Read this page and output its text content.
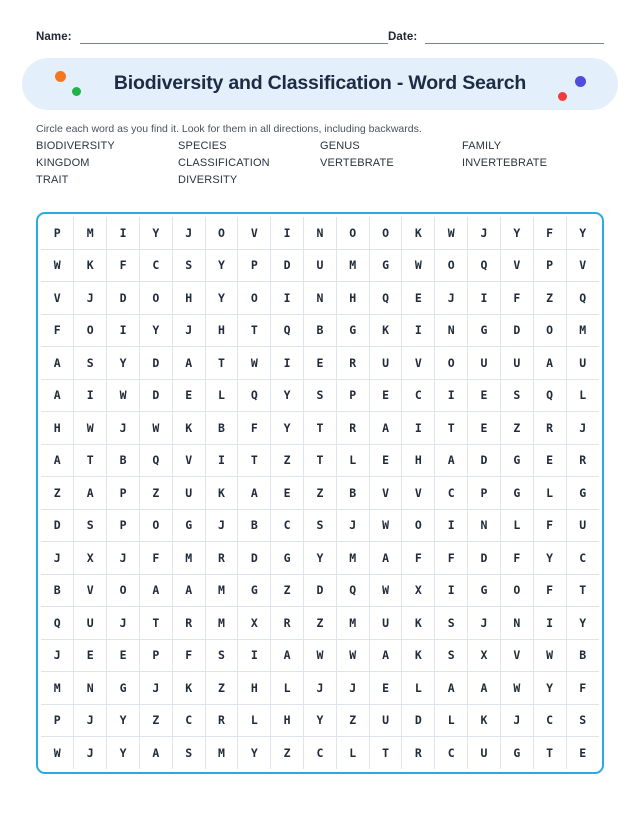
Name:	Date:
Biodiversity and Classification - Word Search
Circle each word as you find it. Look for them in all directions, including backwards.
BIODIVERSITY	SPECIES	GENUS	FAMILY
KINGDOM	CLASSIFICATION	VERTEBRATE	INVERTEBRATE
TRAIT	DIVERSITY
P	M	I	Y	J	O	V	I	N	O	O	K	W	J	Y	F	Y
W	K	F	C	S	Y	P	D	U	M	G	W	O	Q	V	P	V
V	J	D	O	H	Y	O	I	N	H	Q	E	J	I	F	Z	Q
F	O	I	Y	J	H	T	Q	B	G	K	I	N	G	D	O	M
A	S	Y	D	A	T	W	I	E	R	U	V	O	U	U	A	U
A	I	W	D	E	L	Q	Y	S	P	E	C	I	E	S	Q	L
H	W	J	W	K	B	F	Y	T	R	A	I	T	E	Z	R	J
A	T	B	Q	V	I	T	Z	T	L	E	H	A	D	G	E	R
Z	A	P	Z	U	K	A	E	Z	B	V	V	C	P	G	L	G
D	S	P	O	G	J	B	C	S	J	W	O	I	N	L	F	U
J	X	J	F	M	R	D	G	Y	M	A	F	F	D	F	Y	C
B	V	O	A	A	M	G	Z	D	Q	W	X	I	G	O	F	T
Q	U	J	T	R	M	X	R	Z	M	U	K	S	J	N	I	Y
J	E	E	P	F	S	I	A	W	W	A	K	S	X	V	W	B
M	N	G	J	K	Z	H	L	J	J	E	L	A	A	W	Y	F
P	J	Y	Z	C	R	L	H	Y	Z	U	D	L	K	J	C	S
W	J	Y	A	S	M	Y	Z	C	L	T	R	C	U	G	T	E
